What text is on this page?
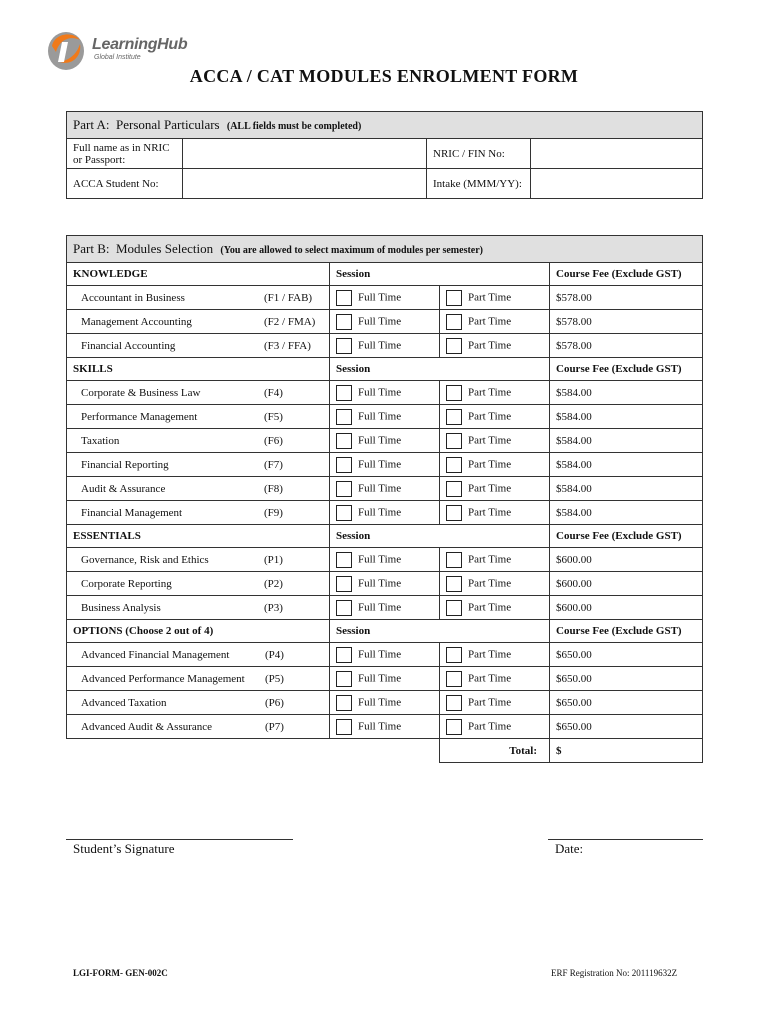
LearningHub
Global Institute
ACCA / CAT MODULES ENROLMENT FORM
Part A: Personal Particulars (ALL fields must be completed)			
Full name as in NRIC
or Passport:		NRIC / FIN No:	
ACCA Student No:		Intake (MMM/YY):	
Part B: Modules Selection (You are allowed to select maximum of modules per semester)			
KNOWLEDGE	Session		Course Fee (Exclude GST)
Accountant in Business (F1 / FAB)	Full Time	Part Time	$578.00
Management Accounting (F2 / FMA)	Full Time	Part Time	$578.00
Financial Accounting (F3 / FFA)	Full Time	Part Time	$578.00
SKILLS	Session		Course Fee (Exclude GST)
Corporate & Business Law (F4)	Full Time	Part Time	$584.00
Performance Management (F5)	Full Time	Part Time	$584.00
Taxation (F6)	Full Time	Part Time	$584.00
Financial Reporting (F7)	Full Time	Part Time	$584.00
Audit & Assurance (F8)	Full Time	Part Time	$584.00
Financial Management (F9)	Full Time	Part Time	$584.00
ESSENTIALS	Session		Course Fee (Exclude GST)
Governance, Risk and Ethics (P1)	Full Time	Part Time	$600.00
Corporate Reporting (P2)	Full Time	Part Time	$600.00
Business Analysis (P3)	Full Time	Part Time	$600.00
OPTIONS (Choose 2 out of 4)	Session		Course Fee (Exclude GST)
Advanced Financial Management (P4)	Full Time	Part Time	$650.00
Advanced Performance Management (P5)	Full Time	Part Time	$650.00
Advanced Taxation (P6)	Full Time	Part Time	$650.00
Advanced Audit & Assurance (P7)	Full Time	Part Time	$650.00
		Total:	$
Student’s Signature	Date:
LGI-FORM- GEN-002C	ERF Registration No: 201119632Z
